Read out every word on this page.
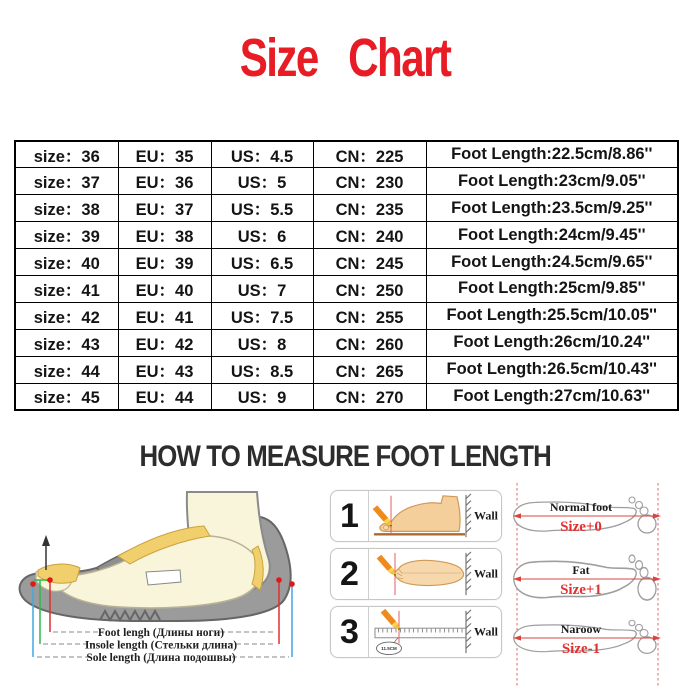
Size Chart
size：36	EU：35	US：4.5	CN：225	Foot Length:22.5cm/8.86''
size：37	EU：36	US：5	CN：230	Foot Length:23cm/9.05''
size：38	EU：37	US：5.5	CN：235	Foot Length:23.5cm/9.25''
size：39	EU：38	US：6	CN：240	Foot Length:24cm/9.45''
size：40	EU：39	US：6.5	CN：245	Foot Length:24.5cm/9.65''
size：41	EU：40	US：7	CN：250	Foot Length:25cm/9.85''
size：42	EU：41	US：7.5	CN：255	Foot Length:25.5cm/10.05''
size：43	EU：42	US：8	CN：260	Foot Length:26cm/10.24''
size：44	EU：43	US：8.5	CN：265	Foot Length:26.5cm/10.43''
size：45	EU：44	US：9	CN：270	Foot Length:27cm/10.63''
HOW TO MEASURE FOOT LENGTH
Foot lengh (Длины ноги)
Insole length (Стельки длина)
Sole length (Длина подошвы)
1	Wall
2	Wall
3	11.5CM
Wall
Normal foot
Size+0
Fat
Size+1
Naroow
Size-1
